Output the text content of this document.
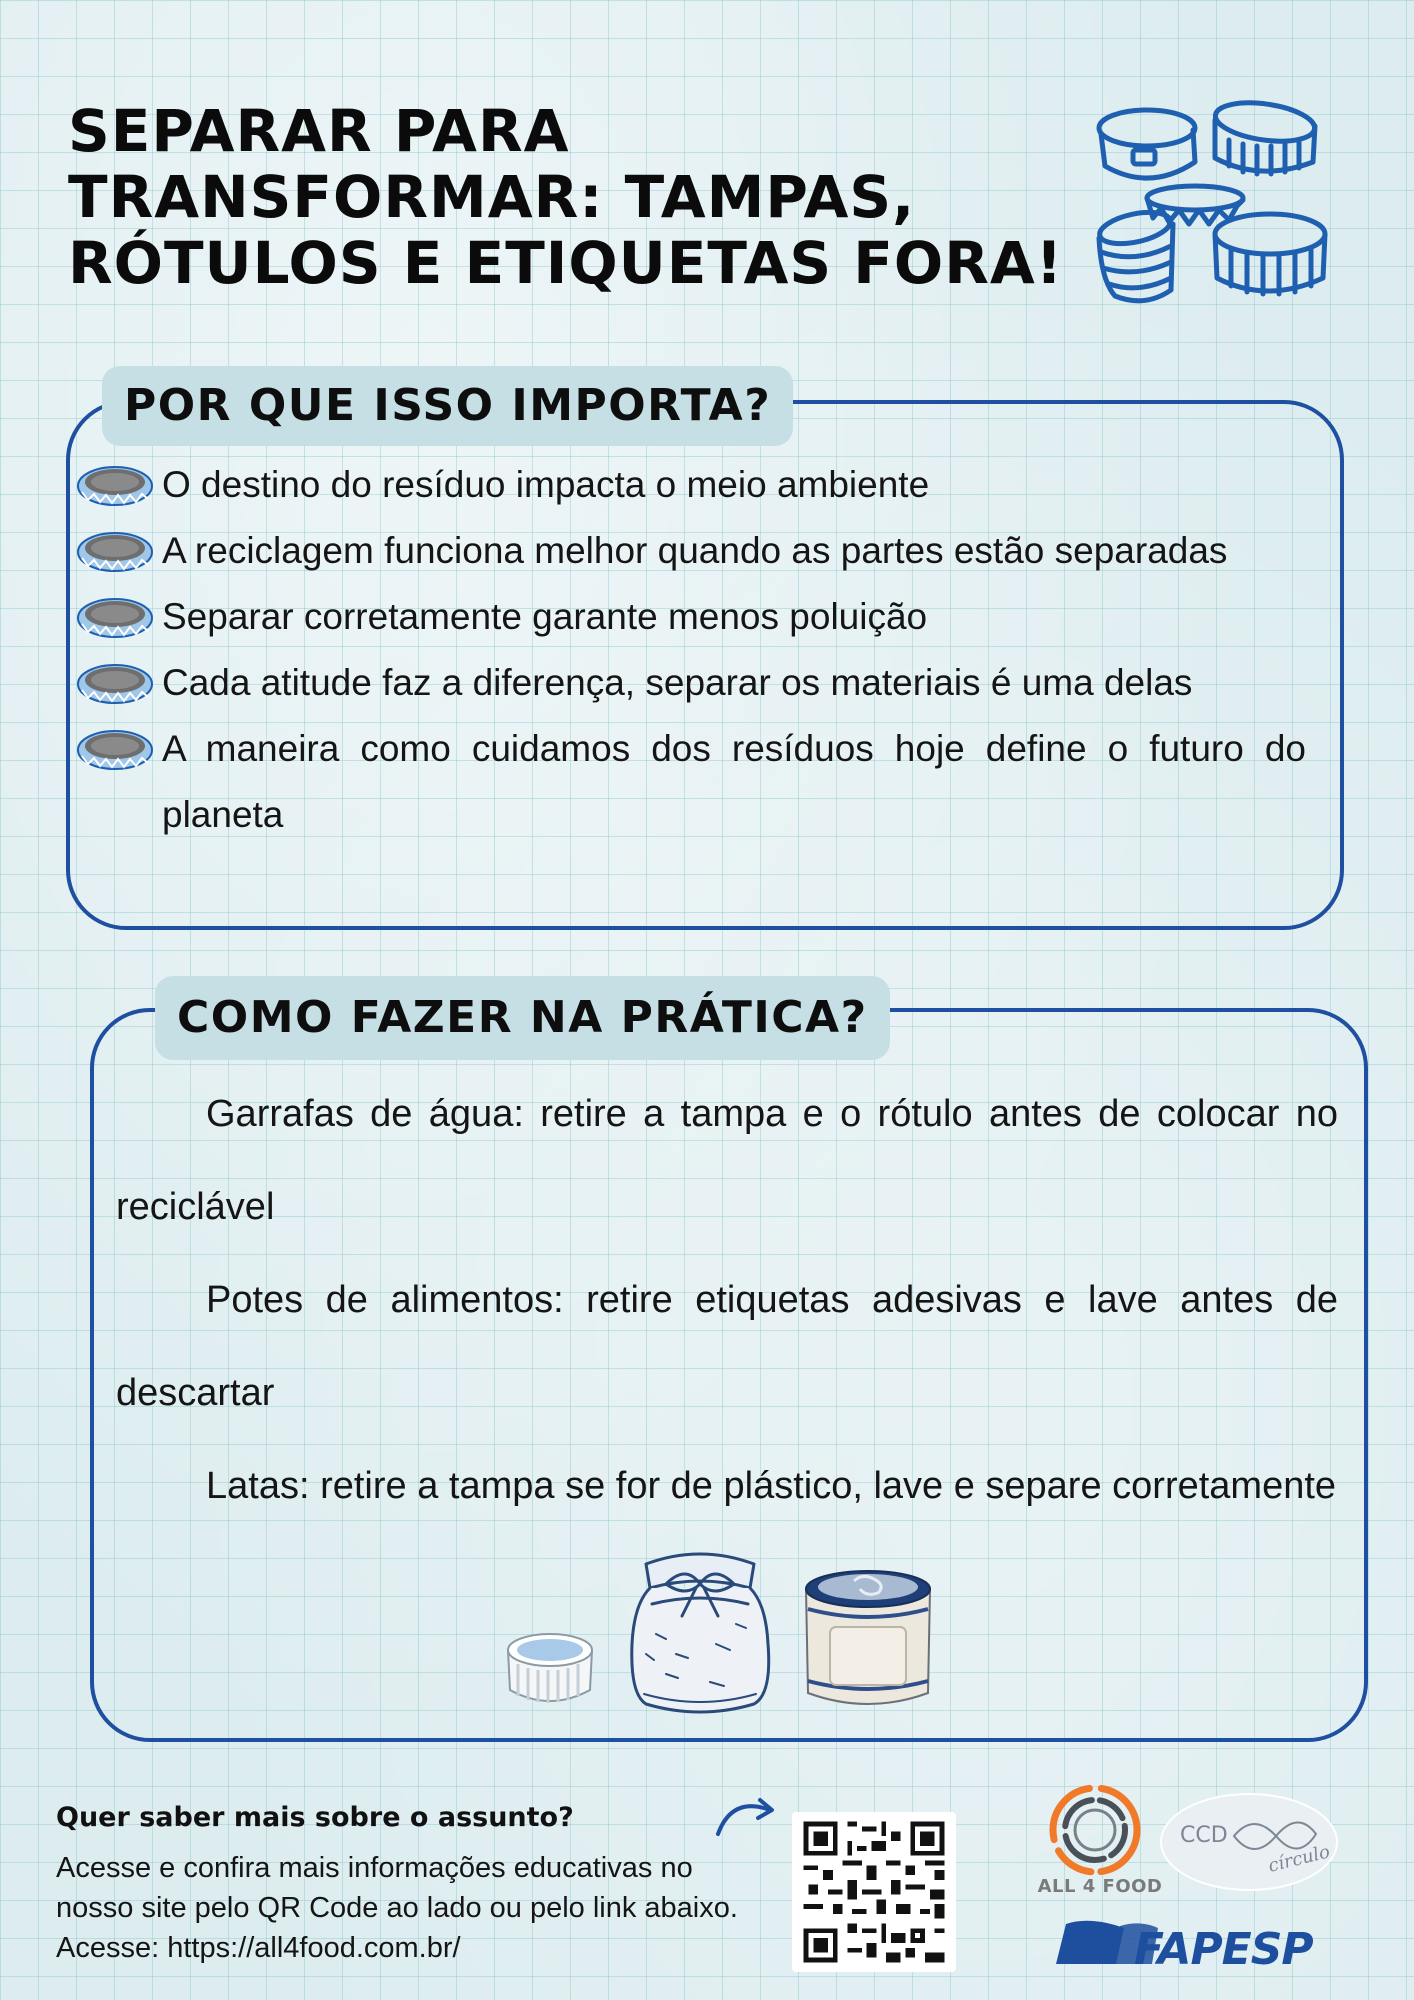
SEPARAR PARA
TRANSFORMAR: TAMPAS,
RÓTULOS E ETIQUETAS FORA!
POR QUE ISSO IMPORTA?
O destino do resíduo impacta o meio ambiente
A reciclagem funciona melhor quando as partes estão separadas
Separar corretamente garante menos poluição
Cada atitude faz a diferença, separar os materiais é uma delas
A maneira como cuidamos dos resíduos hoje define o futuro do planeta
COMO FAZER NA PRÁTICA?

Garrafas de água: retire a tampa e o rótulo antes de colocar no reciclável

Potes de alimentos: retire etiquetas adesivas e lave antes de descartar

Latas: retire a tampa se for de plástico, lave e separe corretamente

Quer saber mais sobre o assunto?

Acesse e confira mais informações educativas no
nosso site pelo QR Code ao lado ou pelo link abaixo.
Acesse: https://all4food.com.br/
ALL 4 FOOD
CCD
círculo
FAPESP
